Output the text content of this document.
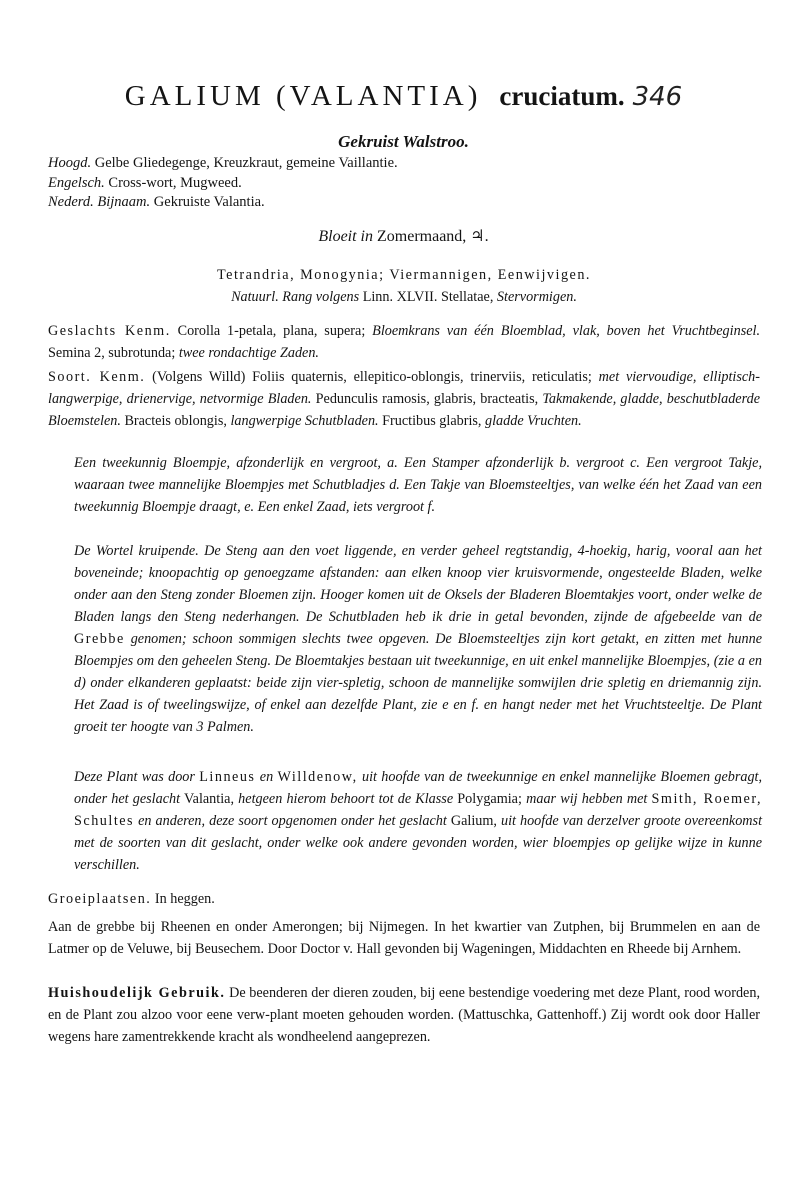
GALIUM (VALANTIA) cruciatum. 346
Gekruist Walstroo.
Hoogd. Gelbe Gliedegenge, Kreuzkraut, gemeine Vaillantie.
Engelsch. Cross-wort, Mugweed.
Nederd. Bijnaam. Gekruiste Valantia.
Bloeit in Zomermaand, ♃.

Tetrandria, Monogynia; Viermannigen, Eenwijvigen.

Natuurl. Rang volgens Linn. XLVII. Stellatae, Stervormigen.

Geslachts Kenm. Corolla 1-petala, plana, supera; Bloemkrans van één Bloemblad, vlak, boven het Vruchtbeginsel. Semina 2, subrotunda; twee rondachtige Zaden.

Soort. Kenm. (Volgens Willd) Foliis quaternis, ellepitico-oblongis, trinerviis, reticulatis; met viervoudige, elliptisch-langwerpige, drienervige, netvormige Bladen. Pedunculis ramosis, glabris, bracteatis, Takmakende, gladde, beschutbladerde Bloemstelen. Bracteis oblongis, langwerpige Schutbladen. Fructibus glabris, gladde Vruchten.

Een tweekunnig Bloempje, afzonderlijk en vergroot, a. Een Stamper afzonderlijk b. vergroot c. Een vergroot Takje, waaraan twee mannelijke Bloempjes met Schutbladjes d. Een Takje van Bloemsteeltjes, van welke één het Zaad van een tweekunnig Bloempje draagt, e. Een enkel Zaad, iets vergroot f.

De Wortel kruipende. De Steng aan den voet liggende, en verder geheel regtstandig, 4-hoekig, harig, vooral aan het boveneinde; knoopachtig op genoegzame afstanden: aan elken knoop vier kruisvormende, ongesteelde Bladen, welke onder aan den Steng zonder Bloemen zijn. Hooger komen uit de Oksels der Bladeren Bloemtakjes voort, onder welke de Bladen langs den Steng nederhangen. De Schutbladen heb ik drie in getal bevonden, zijnde de afgebeelde van de Grebbe genomen; schoon sommigen slechts twee opgeven. De Bloemsteeltjes zijn kort getakt, en zitten met hunne Bloempjes om den geheelen Steng. De Bloemtakjes bestaan uit tweekunnige, en uit enkel mannelijke Bloempjes, (zie a en d) onder elkanderen geplaatst: beide zijn vier-spletig, schoon de mannelijke somwijlen drie spletig en driemannig zijn. Het Zaad is of tweelingswijze, of enkel aan dezelfde Plant, zie e en f. en hangt neder met het Vruchtsteeltje. De Plant groeit ter hoogte van 3 Palmen.

Deze Plant was door Linneus en Willdenow, uit hoofde van de tweekunnige en enkel mannelijke Bloemen gebragt, onder het geslacht Valantia, hetgeen hierom behoort tot de Klasse Polygamia; maar wij hebben met Smith, Roemer, Schultes en anderen, deze soort opgenomen onder het geslacht Galium, uit hoofde van derzelver groote overeenkomst met de soorten van dit geslacht, onder welke ook andere gevonden worden, wier bloempjes op gelijke wijze in kunne verschillen.

Groeiplaatsen. In heggen.

Aan de grebbe bij Rheenen en onder Amerongen; bij Nijmegen. In het kwartier van Zutphen, bij Brummelen en aan de Latmer op de Veluwe, bij Beusechem. Door Doctor v. Hall gevonden bij Wageningen, Middachten en Rheede bij Arnhem.

Huishoudelijk Gebruik. De beenderen der dieren zouden, bij eene bestendige voedering met deze Plant, rood worden, en de Plant zou alzoo voor eene verw-plant moeten gehouden worden. (Mattuschka, Gattenhoff.) Zij wordt ook door Haller wegens hare zamentrekkende kracht als wondheelend aangeprezen.
